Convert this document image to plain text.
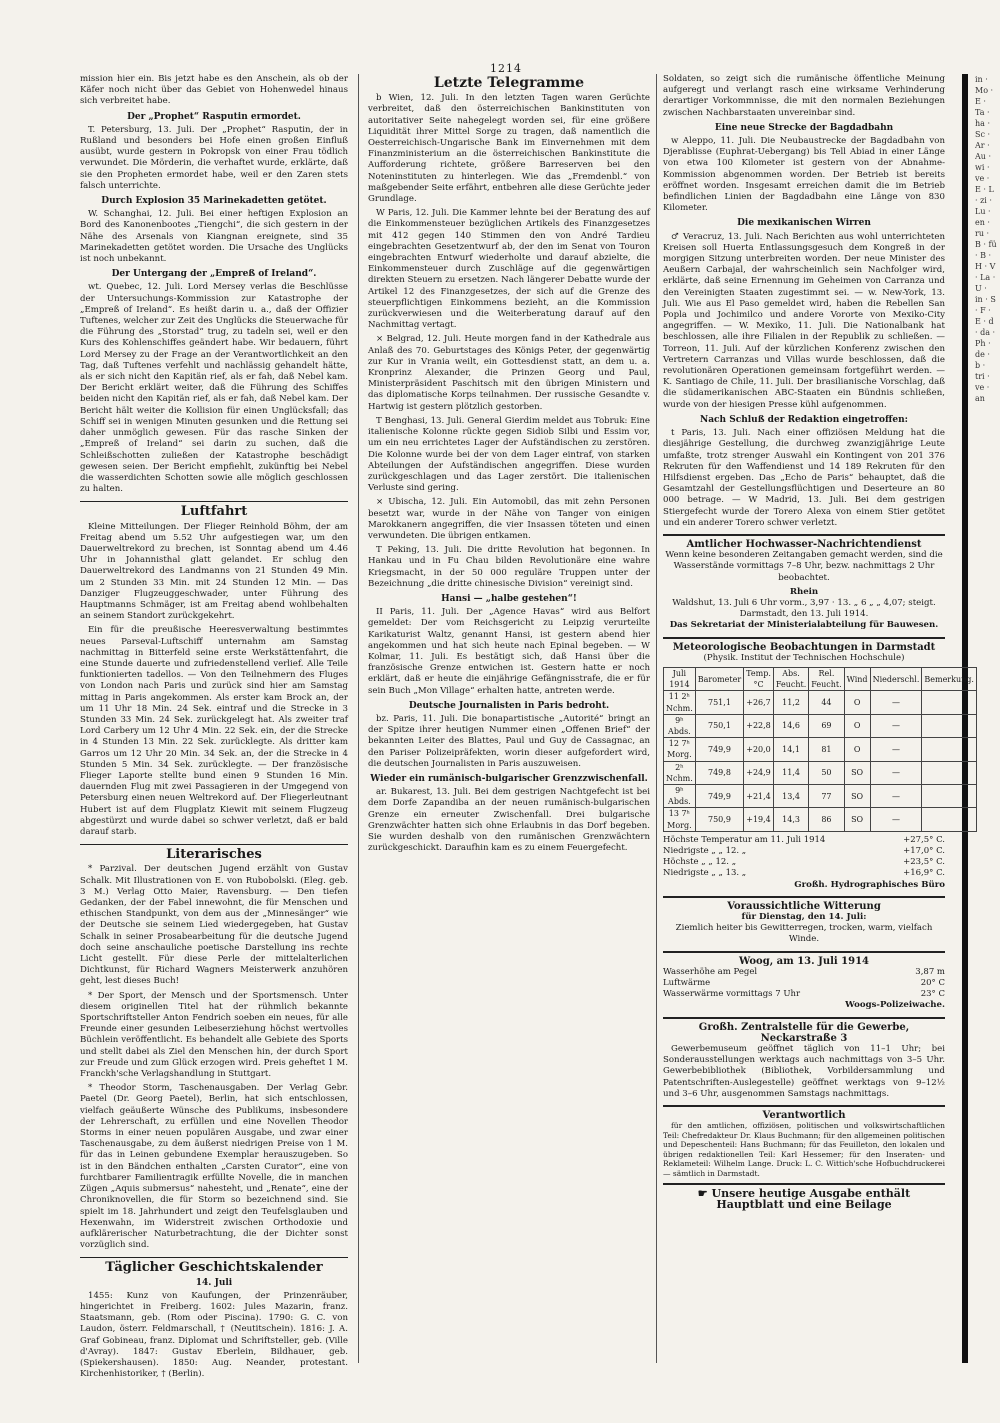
1214
in · Mo · E · Ta · ha · Sc · Ar · Au · wi · ve · E · L · zi · Lu · en · ru · B · fü · B · H · V · La · U · in · S · F · E · d · da · Ph · de · b · tri · ve · an

mission hier ein. Bis jetzt habe es den Anschein, als ob der Käfer noch nicht über das Gebiet von Hohenwedel hinaus sich verbreitet habe.

Der „Prophet“ Rasputin ermordet.

T. Petersburg, 13. Juli. Der „Prophet“ Rasputin, der in Rußland und besonders bei Hofe einen großen Einfluß ausübt, wurde gestern in Pokropsk von einer Frau tödlich verwundet. Die Mörderin, die verhaftet wurde, erklärte, daß sie den Propheten ermordet habe, weil er den Zaren stets falsch unterrichte.

Durch Explosion 35 Marinekadetten getötet.

W. Schanghai, 12. Juli. Bei einer heftigen Explosion an Bord des Kanonenbootes „Tiengchi“, die sich gestern in der Nähe des Arsenals von Kiangnan ereignete, sind 35 Marinekadetten getötet worden. Die Ursache des Unglücks ist noch unbekannt.

Der Untergang der „Empreß of Ireland“.

wt. Quebec, 12. Juli. Lord Mersey verlas die Beschlüsse der Untersuchungs-Kommission zur Katastrophe der „Empreß of Ireland“. Es heißt darin u. a., daß der Offizier Tuftenes, welcher zur Zeit des Unglücks die Steuerwache für die Führung des „Storstad“ trug, zu tadeln sei, weil er den Kurs des Kohlenschiffes geändert habe. Wir bedauern, führt Lord Mersey zu der Frage an der Verantwortlichkeit an den Tag, daß Tuftenes verfehlt und nachlässig gehandelt hätte, als er sich nicht den Kapitän rief, als er fah, daß Nebel kam. Der Bericht erklärt weiter, daß die Führung des Schiffes beiden nicht den Kapitän rief, als er fah, daß Nebel kam. Der Bericht hält weiter die Kollision für einen Unglücksfall; das Schiff sei in wenigen Minuten gesunken und die Rettung sei daher unmöglich gewesen. Für das rasche Sinken der „Empreß of Ireland“ sei darin zu suchen, daß die Schleißschotten zuließen der Katastrophe beschädigt gewesen seien. Der Bericht empfiehlt, zukünftig bei Nebel die wasserdichten Schotten sowie alle möglich geschlossen zu halten.

Luftfahrt

Kleine Mitteilungen. Der Flieger Reinhold Böhm, der am Freitag abend um 5.52 Uhr aufgestiegen war, um den Dauerweltrekord zu brechen, ist Sonntag abend um 4.46 Uhr in Johannisthal glatt gelandet. Er schlug den Dauerweltrekord des Landmanns von 21 Stunden 49 Min. um 2 Stunden 33 Min. mit 24 Stunden 12 Min. — Das Danziger Flugzeuggeschwader, unter Führung des Hauptmanns Schmäger, ist am Freitag abend wohlbehalten an seinem Standort zurückgekehrt.

Ein für die preußische Heeresverwaltung bestimmtes neues Parseval-Luftschiff unternahm am Samstag nachmittag in Bitterfeld seine erste Werkstättenfahrt, die eine Stunde dauerte und zufriedenstellend verlief. Alle Teile funktionierten tadellos. — Von den Teilnehmern des Fluges von London nach Paris und zurück sind hier am Samstag mittag in Paris angekommen. Als erster kam Brock an, der um 11 Uhr 18 Min. 24 Sek. eintraf und die Strecke in 3 Stunden 33 Min. 24 Sek. zurückgelegt hat. Als zweiter traf Lord Carbery um 12 Uhr 4 Min. 22 Sek. ein, der die Strecke in 4 Stunden 13 Min. 22 Sek. zurücklegte. Als dritter kam Garros um 12 Uhr 20 Min. 34 Sek. an, der die Strecke in 4 Stunden 5 Min. 34 Sek. zurücklegte. — Der französische Flieger Laporte stellte bund einen 9 Stunden 16 Min. dauernden Flug mit zwei Passagieren in der Umgegend von Petersburg einen neuen Weltrekord auf. Der Fliegerleutnant Hubert ist auf dem Flugplatz Kiewit mit seinem Flugzeug abgestürzt und wurde dabei so schwer verletzt, daß er bald darauf starb.

Literarisches

* Parzival. Der deutschen Jugend erzählt von Gustav Schalk. Mit Illustrationen von E. von Rubobolski. (Eleg. geb. 3 M.) Verlag Otto Maier, Ravensburg. — Den tiefen Gedanken, der der Fabel innewohnt, die für Menschen und ethischen Standpunkt, von dem aus der „Minnesänger“ wie der Deutsche sie seinem Lied wiedergegeben, hat Gustav Schalk in seiner Prosabearbeitung für die deutsche Jugend doch seine anschauliche poetische Darstellung ins rechte Licht gestellt. Für diese Perle der mittelalterlichen Dichtkunst, für Richard Wagners Meisterwerk anzuhören geht, lest dieses Buch!

* Der Sport, der Mensch und der Sportsmensch. Unter diesem originellen Titel hat der rühmlich bekannte Sportschriftsteller Anton Fendrich soeben ein neues, für alle Freunde einer gesunden Leibeserziehung höchst wertvolles Büchlein veröffentlicht. Es behandelt alle Gebiete des Sports und stellt dabei als Ziel den Menschen hin, der durch Sport zur Freude und zum Glück erzogen wird. Preis geheftet 1 M. Franckh'sche Verlagshandlung in Stuttgart.

* Theodor Storm, Taschenausgaben. Der Verlag Gebr. Paetel (Dr. Georg Paetel), Berlin, hat sich entschlossen, vielfach geäußerte Wünsche des Publikums, insbesondere der Lehrerschaft, zu erfüllen und eine Novellen Theodor Storms in einer neuen populären Ausgabe, und zwar einer Taschenausgabe, zu dem äußerst niedrigen Preise von 1 M. für das in Leinen gebundene Exemplar herauszugeben. So ist in den Bändchen enthalten „Carsten Curator“, eine von furchtbarer Familientragik erfüllte Novelle, die in manchen Zügen „Aquis submersus“ nahesteht, und „Renate“, eine der Chroniknovellen, die für Storm so bezeichnend sind. Sie spielt im 18. Jahrhundert und zeigt den Teufelsglauben und Hexenwahn, im Widerstreit zwischen Orthodoxie und aufklärerischer Naturbetrachtung, die der Dichter sonst vorzüglich sind.

Täglicher Geschichtskalender
14. Juli

1455: Kunz von Kaufungen, der Prinzenräuber, hingerichtet in Freiberg. 1602: Jules Mazarin, franz. Staatsmann, geb. (Rom oder Piscina). 1790: G. C. von Laudon, österr. Feldmarschall, † (Neutitschein). 1816: J. A. Graf Gobineau, franz. Diplomat und Schriftsteller, geb. (Ville d'Avray). 1847: Gustav Eberlein, Bildhauer, geb. (Spiekershausen). 1850: Aug. Neander, protestant. Kirchenhistoriker, † (Berlin).

Letzte Telegramme

b Wien, 12. Juli. In den letzten Tagen waren Gerüchte verbreitet, daß den österreichischen Bankinstituten von autoritativer Seite nahegelegt worden sei, für eine größere Liquidität ihrer Mittel Sorge zu tragen, daß namentlich die Oesterreichisch-Ungarische Bank im Einvernehmen mit dem Finanzministerium an die österreichischen Bankinstitute die Aufforderung richtete, größere Barreserven bei den Noteninstituten zu hinterlegen. Wie das „Fremdenbl.“ von maßgebender Seite erfährt, entbehren alle diese Gerüchte jeder Grundlage.

W Paris, 12. Juli. Die Kammer lehnte bei der Beratung des auf die Einkommensteuer bezüglichen Artikels des Finanzgesetzes mit 412 gegen 140 Stimmen den von André Tardieu eingebrachten Gesetzentwurf ab, der den im Senat von Touron eingebrachten Entwurf wiederholte und darauf abzielte, die Einkommensteuer durch Zuschläge auf die gegenwärtigen direkten Steuern zu ersetzen. Nach längerer Debatte wurde der Artikel 12 des Finanzgesetzes, der sich auf die Grenze des steuerpflichtigen Einkommens bezieht, an die Kommission zurückverwiesen und die Weiterberatung darauf auf den Nachmittag vertagt.

× Belgrad, 12. Juli. Heute morgen fand in der Kathedrale aus Anlaß des 70. Geburtstages des Königs Peter, der gegenwärtig zur Kur in Vrania weilt, ein Gottesdienst statt, an dem u. a. Kronprinz Alexander, die Prinzen Georg und Paul, Ministerpräsident Paschitsch mit den übrigen Ministern und das diplomatische Korps teilnahmen. Der russische Gesandte v. Hartwig ist gestern plötzlich gestorben.

T Benghasi, 13. Juli. General Gierdim meldet aus Tobruk: Eine italienische Kolonne rückte gegen Sidiob Silbi und Essim vor, um ein neu errichtetes Lager der Aufständischen zu zerstören. Die Kolonne wurde bei der von dem Lager eintraf, von starken Abteilungen der Aufständischen angegriffen. Diese wurden zurückgeschlagen und das Lager zerstört. Die italienischen Verluste sind gering.

× Ubischa, 12. Juli. Ein Automobil, das mit zehn Personen besetzt war, wurde in der Nähe von Tanger von einigen Marokkanern angegriffen, die vier Insassen töteten und einen verwundeten. Die übrigen entkamen.

T Peking, 13. Juli. Die dritte Revolution hat begonnen. In Hankau und in Fu Chau bilden Revolutionäre eine wahre Kriegsmacht, in der 50 000 reguläre Truppen unter der Bezeichnung „die dritte chinesische Division“ vereinigt sind.

Hansi — „halbe gestehen“!

II Paris, 11. Juli. Der „Agence Havas“ wird aus Belfort gemeldet: Der vom Reichsgericht zu Leipzig verurteilte Karikaturist Waltz, genannt Hansi, ist gestern abend hier angekommen und hat sich heute nach Epinal begeben. — W Kolmar, 11. Juli. Es bestätigt sich, daß Hansi über die französische Grenze entwichen ist. Gestern hatte er noch erklärt, daß er heute die einjährige Gefängnisstrafe, die er für sein Buch „Mon Village“ erhalten hatte, antreten werde.

Deutsche Journalisten in Paris bedroht.

bz. Paris, 11. Juli. Die bonapartistische „Autorité“ bringt an der Spitze ihrer heutigen Nummer einen „Offenen Brief“ der bekannten Leiter des Blattes, Paul und Guy de Cassagnac, an den Pariser Polizeipräfekten, worin dieser aufgefordert wird, die deutschen Journalisten in Paris auszuweisen.

Wieder ein rumänisch-bulgarischer Grenzzwischenfall.

ar. Bukarest, 13. Juli. Bei dem gestrigen Nachtgefecht ist bei dem Dorfe Zapandiba an der neuen rumänisch-bulgarischen Grenze ein erneuter Zwischenfall. Drei bulgarische Grenzwächter hatten sich ohne Erlaubnis in das Dorf begeben. Sie wurden deshalb von den rumänischen Grenzwächtern zurückgeschickt. Daraufhin kam es zu einem Feuergefecht.

Soldaten, so zeigt sich die rumänische öffentliche Meinung aufgeregt und verlangt rasch eine wirksame Verhinderung derartiger Vorkommnisse, die mit den normalen Beziehungen zwischen Nachbarstaaten unvereinbar sind.

Eine neue Strecke der Bagdadbahn

w Aleppo, 11. Juli. Die Neubaustrecke der Bagdadbahn von Djerablisse (Euphrat-Uebergang) bis Tell Abiad in einer Länge von etwa 100 Kilometer ist gestern von der Abnahme-Kommission abgenommen worden. Der Betrieb ist bereits eröffnet worden. Insgesamt erreichen damit die im Betrieb befindlichen Linien der Bagdadbahn eine Länge von 830 Kilometer.

Die mexikanischen Wirren

♂ Veracruz, 13. Juli. Nach Berichten aus wohl unterrichteten Kreisen soll Huerta Entlassungsgesuch dem Kongreß in der morgigen Sitzung unterbreiten worden. Der neue Minister des Aeußern Carbajal, der wahrscheinlich sein Nachfolger wird, erklärte, daß seine Ernennung im Geheimen von Carranza und den Vereinigten Staaten zugestimmt sei. — w. New-York, 13. Juli. Wie aus El Paso gemeldet wird, haben die Rebellen San Popla und Jochimilco und andere Vororte von Mexiko-City angegriffen. — W. Mexiko, 11. Juli. Die Nationalbank hat beschlossen, alle ihre Filialen in der Republik zu schließen. — Torreon, 11. Juli. Auf der kürzlichen Konferenz zwischen den Vertretern Carranzas und Villas wurde beschlossen, daß die revolutionären Operationen gemeinsam fortgeführt werden. — K. Santiago de Chile, 11. Juli. Der brasilianische Vorschlag, daß die südamerikanischen ABC-Staaten ein Bündnis schließen, wurde von der hiesigen Presse kühl aufgenommen.

Nach Schluß der Redaktion eingetroffen:

t Paris, 13. Juli. Nach einer offiziösen Meldung hat die diesjährige Gestellung, die durchweg zwanzigjährige Leute umfaßte, trotz strenger Auswahl ein Kontingent von 201 376 Rekruten für den Waffendienst und 14 189 Rekruten für den Hilfsdienst ergeben. Das „Echo de Paris“ behauptet, daß die Gesamtzahl der Gestellungsflüchtigen und Deserteure an 80 000 betrage. — W Madrid, 13. Juli. Bei dem gestrigen Stiergefecht wurde der Torero Alexa von einem Stier getötet und ein anderer Torero schwer verletzt.

Amtlicher Hochwasser-Nachrichtendienst

Wenn keine besonderen Zeitangaben gemacht werden, sind die Wasserstände vormittags 7–8 Uhr, bezw. nachmittags 2 Uhr beobachtet.

Rhein
Waldshut, 13. Juli 6 Uhr vorm., 3,97 · 13. „ 6 „ „ 4,07; steigt.
Darmstadt, den 13. Juli 1914.
Das Sekretariat der Ministerialabteilung für Bauwesen.
Meteorologische Beobachtungen in Darmstadt
(Physik. Institut der Technischen Hochschule)
Juli 1914	Barometer	Temp. °C	Abs. Feucht.	Rel. Feucht.	Wind	Niederschl.	Bemerkung.
11 2ʰ Nchm.	751,1	+26,7	11,2	44	O	—	
9ʰ Abds.	750,1	+22,8	14,6	69	O	—	
12 7ʰ Morg.	749,9	+20,0	14,1	81	O	—	
2ʰ Nchm.	749,8	+24,9	11,4	50	SO	—	
9ʰ Abds.	749,9	+21,4	13,4	77	SO	—	
13 7ʰ Morg.	750,9	+19,4	14,3	86	SO	—	
Höchste Temperatur am 11. Juli 1914	+27,5° C.
Niedrigste „ „ 12. „	+17,0° C.
Höchste „ „ 12. „	+23,5° C.
Niedrigste „ „ 13. „	+16,9° C.
Großh. Hydrographisches Büro
Voraussichtliche Witterung
für Dienstag, den 14. Juli:
Ziemlich heiter bis Gewitterregen, trocken, warm, vielfach Winde.
Woog, am 13. Juli 1914
Wasserhöhe am Pegel	3,87 m
Luftwärme	20° C
Wasserwärme vormittags 7 Uhr	23° C
Woogs-Polizeiwache.
Großh. Zentralstelle für die Gewerbe, Neckarstraße 3

Gewerbemuseum geöffnet täglich von 11–1 Uhr; bei Sonderausstellungen werktags auch nachmittags von 3–5 Uhr. Gewerbebibliothek (Bibliothek, Vorbildersammlung und Patentschriften-Auslegestelle) geöffnet werktags von 9–12½ und 3–6 Uhr, ausgenommen Samstags nachmittags.

Verantwortlich

für den amtlichen, offiziösen, politischen und volkswirtschaftlichen Teil: Chefredakteur Dr. Klaus Buchmann; für den allgemeinen politischen und Depeschenteil: Hans Buchmann; für das Feuilleton, den lokalen und übrigen redaktionellen Teil: Karl Hessemer; für den Inseraten- und Reklameteil: Wilhelm Lange. Druck: L. C. Wittich'sche Hofbuchdruckerei — sämtlich in Darmstadt.

☛ Unsere heutige Ausgabe enthält Hauptblatt und eine Beilage
